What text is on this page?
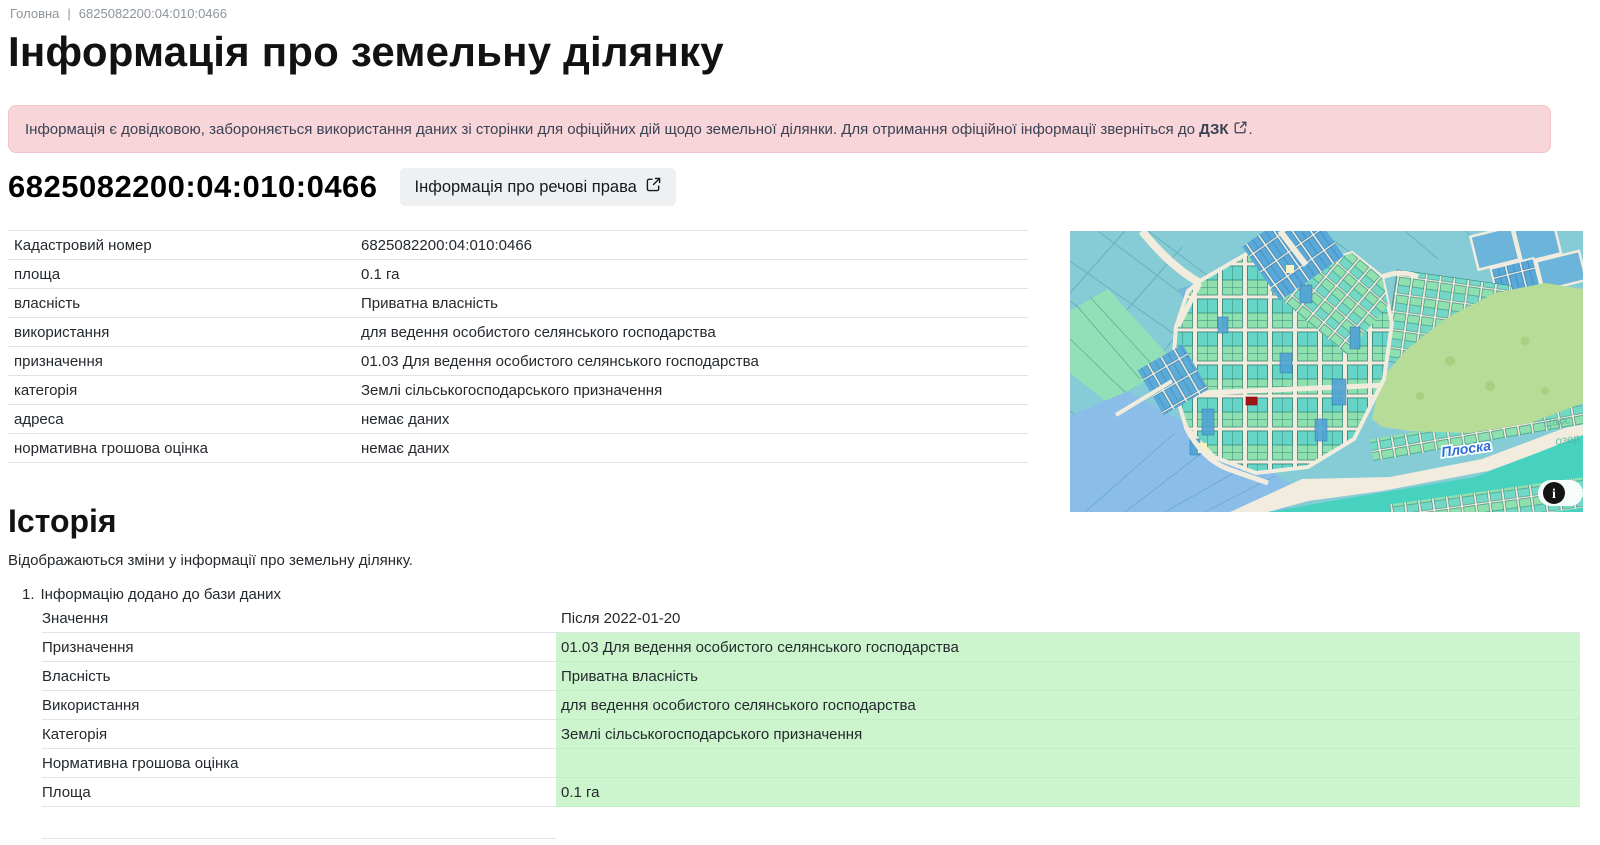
Головна | 6825082200:04:010:0466
Інформація про земельну ділянку
Інформація є довідковою, забороняється використання даних зі сторінки для офіційних дій щодо земельної ділянки. Для отримання офіційної інформації зверніться до ДЗК .
6825082200:04:010:0466 Інформація про речові права
Кадастровий номер	6825082200:04:010:0466
площа	0.1 га
власність	Приватна власність
використання	для ведення особистого селянського господарства
призначення	01.03 Для ведення особистого селянського господарства
категорія	Землі сільськогосподарського призначення
адреса	немає даних
нормативна грошова оцінка	немає даних	Плоска
Царс
озер
i
Історія

Відображаються зміни у інформації про земельну ділянку.

1. Інформацію додано до бази даних
Значення	Після 2022-01-20
Призначення	01.03 Для ведення особистого селянського господарства
Власність	Приватна власність
Використання	для ведення особистого селянського господарства
Категорія	Землі сільськогосподарського призначення
Нормативна грошова оцінка
Площа	0.1 га
